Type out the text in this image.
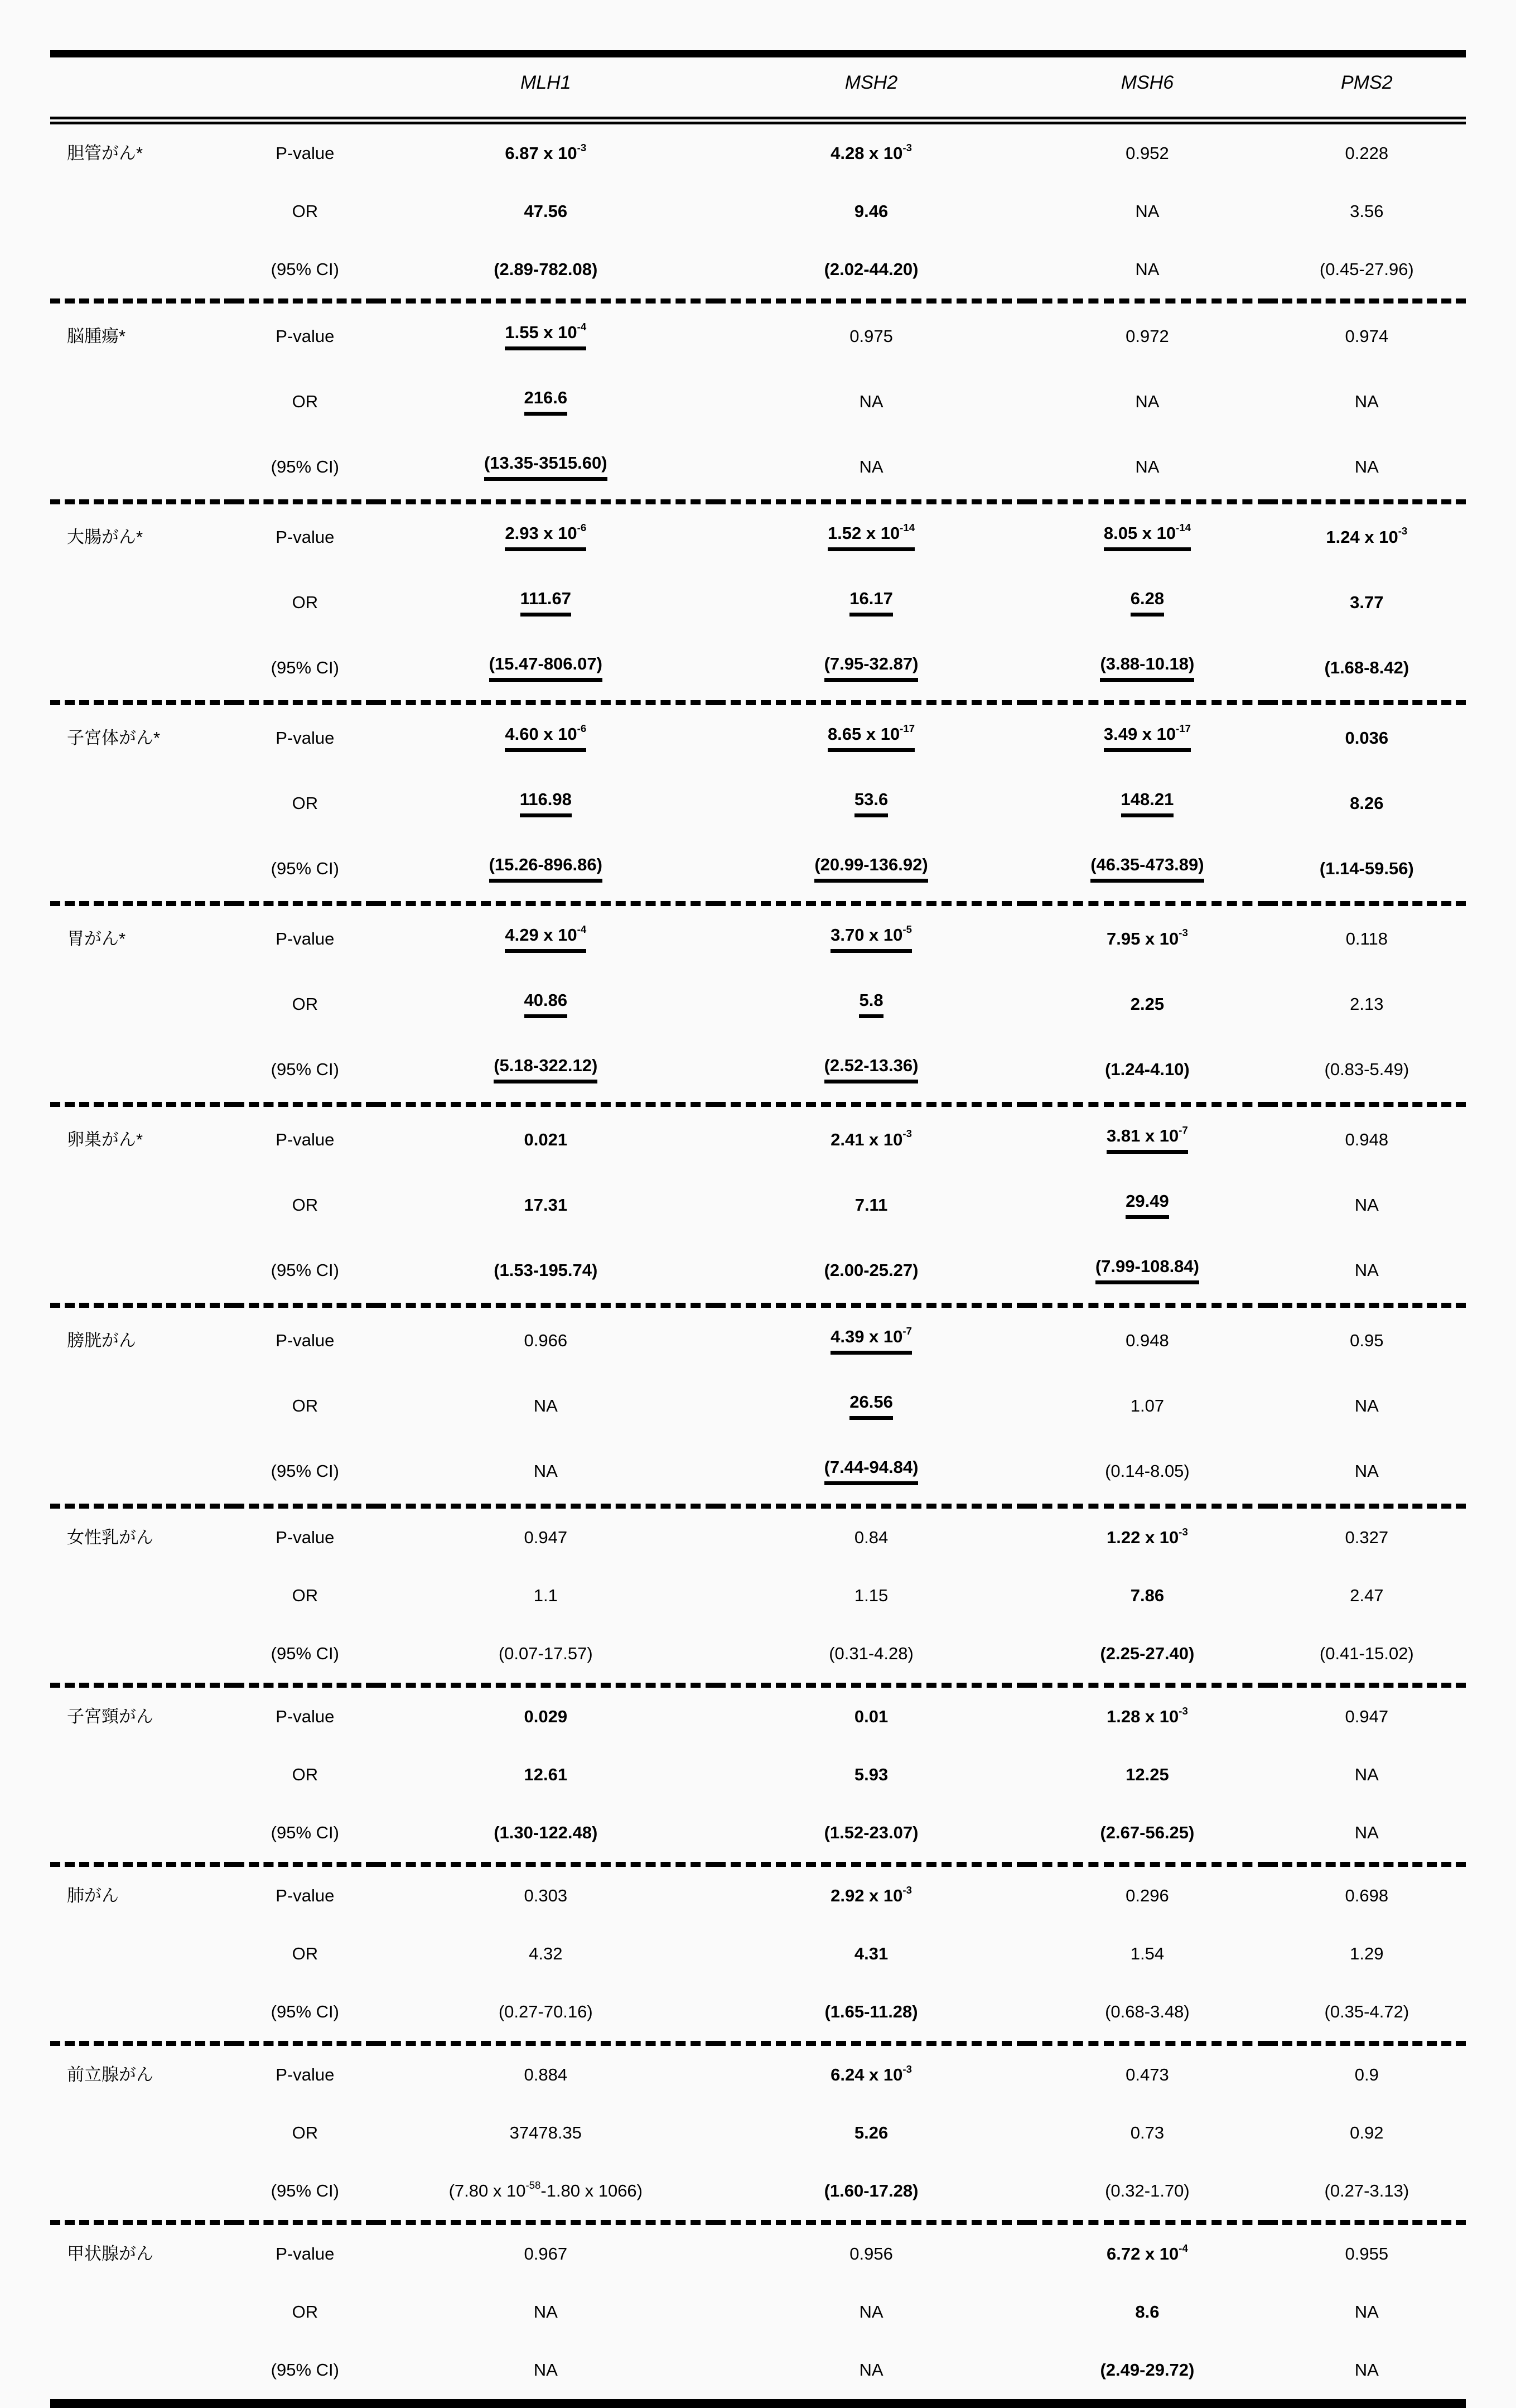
		MLH1	MSH2	MSH6	PMS2
胆管がん*	P-value	6.87 x $10^{-3}$	4.28 x $10^{-3}$	0.952	0.228
	OR	47.56	9.46	NA	3.56
	(95% CI)	(2.89-782.08)	(2.02-44.20)	NA	(0.45-27.96)
脳腫瘍*	P-value	1.55 x $10^{-4}$	0.975	0.972	0.974
	OR	216.6	NA	NA	NA
	(95% CI)	(13.35-3515.60)	NA	NA	NA
大腸がん*	P-value	2.93 x $10^{-6}$	1.52 x $10^{-14}$	8.05 x $10^{-14}$	1.24 x $10^{-3}$
	OR	111.67	16.17	6.28	3.77
	(95% CI)	(15.47-806.07)	(7.95-32.87)	(3.88-10.18)	(1.68-8.42)
子宮体がん*	P-value	4.60 x $10^{-6}$	8.65 x $10^{-17}$	3.49 x $10^{-17}$	0.036
	OR	116.98	53.6	148.21	8.26
	(95% CI)	(15.26-896.86)	(20.99-136.92)	(46.35-473.89)	(1.14-59.56)
胃がん*	P-value	4.29 x $10^{-4}$	3.70 x $10^{-5}$	7.95 x $10^{-3}$	0.118
	OR	40.86	5.8	2.25	2.13
	(95% CI)	(5.18-322.12)	(2.52-13.36)	(1.24-4.10)	(0.83-5.49)
卵巣がん*	P-value	0.021	2.41 x $10^{-3}$	3.81 x $10^{-7}$	0.948
	OR	17.31	7.11	29.49	NA
	(95% CI)	(1.53-195.74)	(2.00-25.27)	(7.99-108.84)	NA
膀胱がん	P-value	0.966	4.39 x $10^{-7}$	0.948	0.95
	OR	NA	26.56	1.07	NA
	(95% CI)	NA	(7.44-94.84)	(0.14-8.05)	NA
女性乳がん	P-value	0.947	0.84	1.22 x $10^{-3}$	0.327
	OR	1.1	1.15	7.86	2.47
	(95% CI)	(0.07-17.57)	(0.31-4.28)	(2.25-27.40)	(0.41-15.02)
子宮頸がん	P-value	0.029	0.01	1.28 x $10^{-3}$	0.947
	OR	12.61	5.93	12.25	NA
	(95% CI)	(1.30-122.48)	(1.52-23.07)	(2.67-56.25)	NA
肺がん	P-value	0.303	2.92 x $10^{-3}$	0.296	0.698
	OR	4.32	4.31	1.54	1.29
	(95% CI)	(0.27-70.16)	(1.65-11.28)	(0.68-3.48)	(0.35-4.72)
前立腺がん	P-value	0.884	6.24 x $10^{-3}$	0.473	0.9
	OR	37478.35	5.26	0.73	0.92
	(95% CI)	(7.80 x $10^{-58}-1.80$ x 1066)	(1.60-17.28)	(0.32-1.70)	(0.27-3.13)
甲状腺がん	P-value	0.967	0.956	6.72 x $10^{-4}$	0.955
	OR	NA	NA	8.6	NA
	(95% CI)	NA	NA	(2.49-29.72)	NA
